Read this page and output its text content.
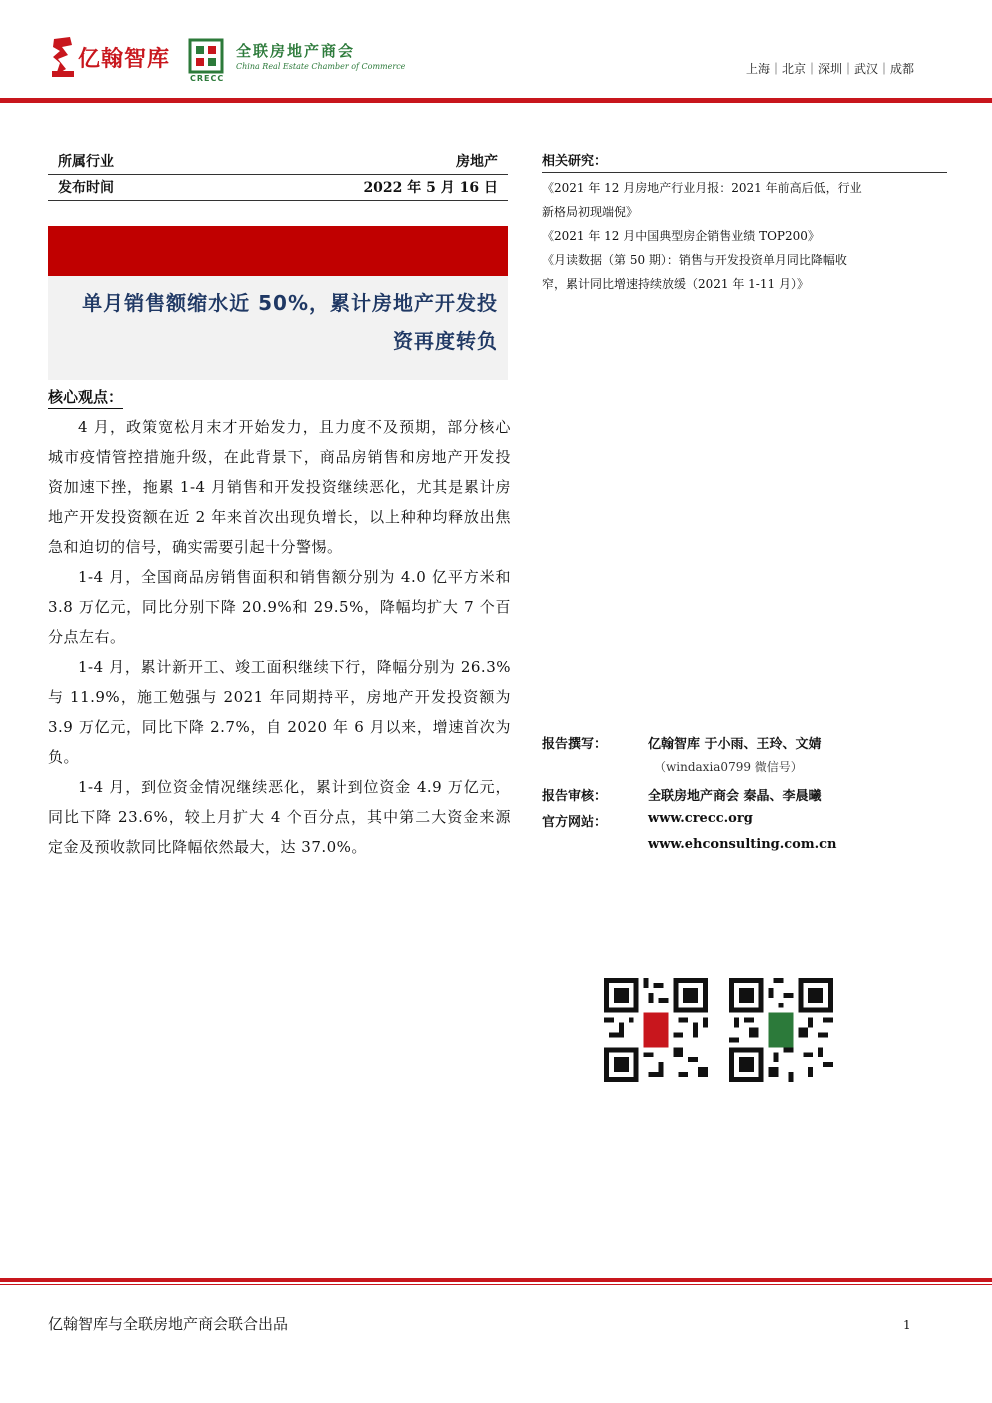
亿翰智库
CRECC
全联房地产商会
China Real Estate Chamber of Commerce	上海｜北京｜深圳｜武汉｜成都
所属行业	房地产
发布时间	2022 年 5 月 16 日
单月销售额缩水近 50%，累计房地产开发投资再度转负
核心观点：

4 月，政策宽松月末才开始发力，且力度不及预期，部分核心城市疫情管控措施升级，在此背景下，商品房销售和房地产开发投资加速下挫，拖累 1-4 月销售和开发投资继续恶化，尤其是累计房地产开发投资额在近 2 年来首次出现负增长，以上种种均释放出焦急和迫切的信号，确实需要引起十分警惕。

1-4 月，全国商品房销售面积和销售额分别为 4.0 亿平方米和 3.8 万亿元，同比分别下降 20.9%和 29.5%，降幅均扩大 7 个百分点左右。

1-4 月，累计新开工、竣工面积继续下行，降幅分别为 26.3%与 11.9%，施工勉强与 2021 年同期持平，房地产开发投资额为 3.9 万亿元，同比下降 2.7%，自 2020 年 6 月以来，增速首次为负。

1-4 月，到位资金情况继续恶化，累计到位资金 4.9 万亿元，同比下降 23.6%，较上月扩大 4 个百分点，其中第二大资金来源定金及预收款同比降幅依然最大，达 37.0%。

相关研究：
《2021 年 12 月房地产行业月报：2021 年前高后低，行业新格局初现端倪》
《2021 年 12 月中国典型房企销售业绩 TOP200》
《月读数据（第 50 期）：销售与开发投资单月同比降幅收窄，累计同比增速持续放缓（2021 年 1-11 月）》
报告撰写：	亿翰智库 于小雨、王玲、文婧
（windaxia0799 微信号）
报告审核：	全联房地产商会 秦晶、李晨曦
官方网站：	www.crecc.org
www.ehconsulting.com.cn
亿翰智库与全联房地产商会联合出品	1
